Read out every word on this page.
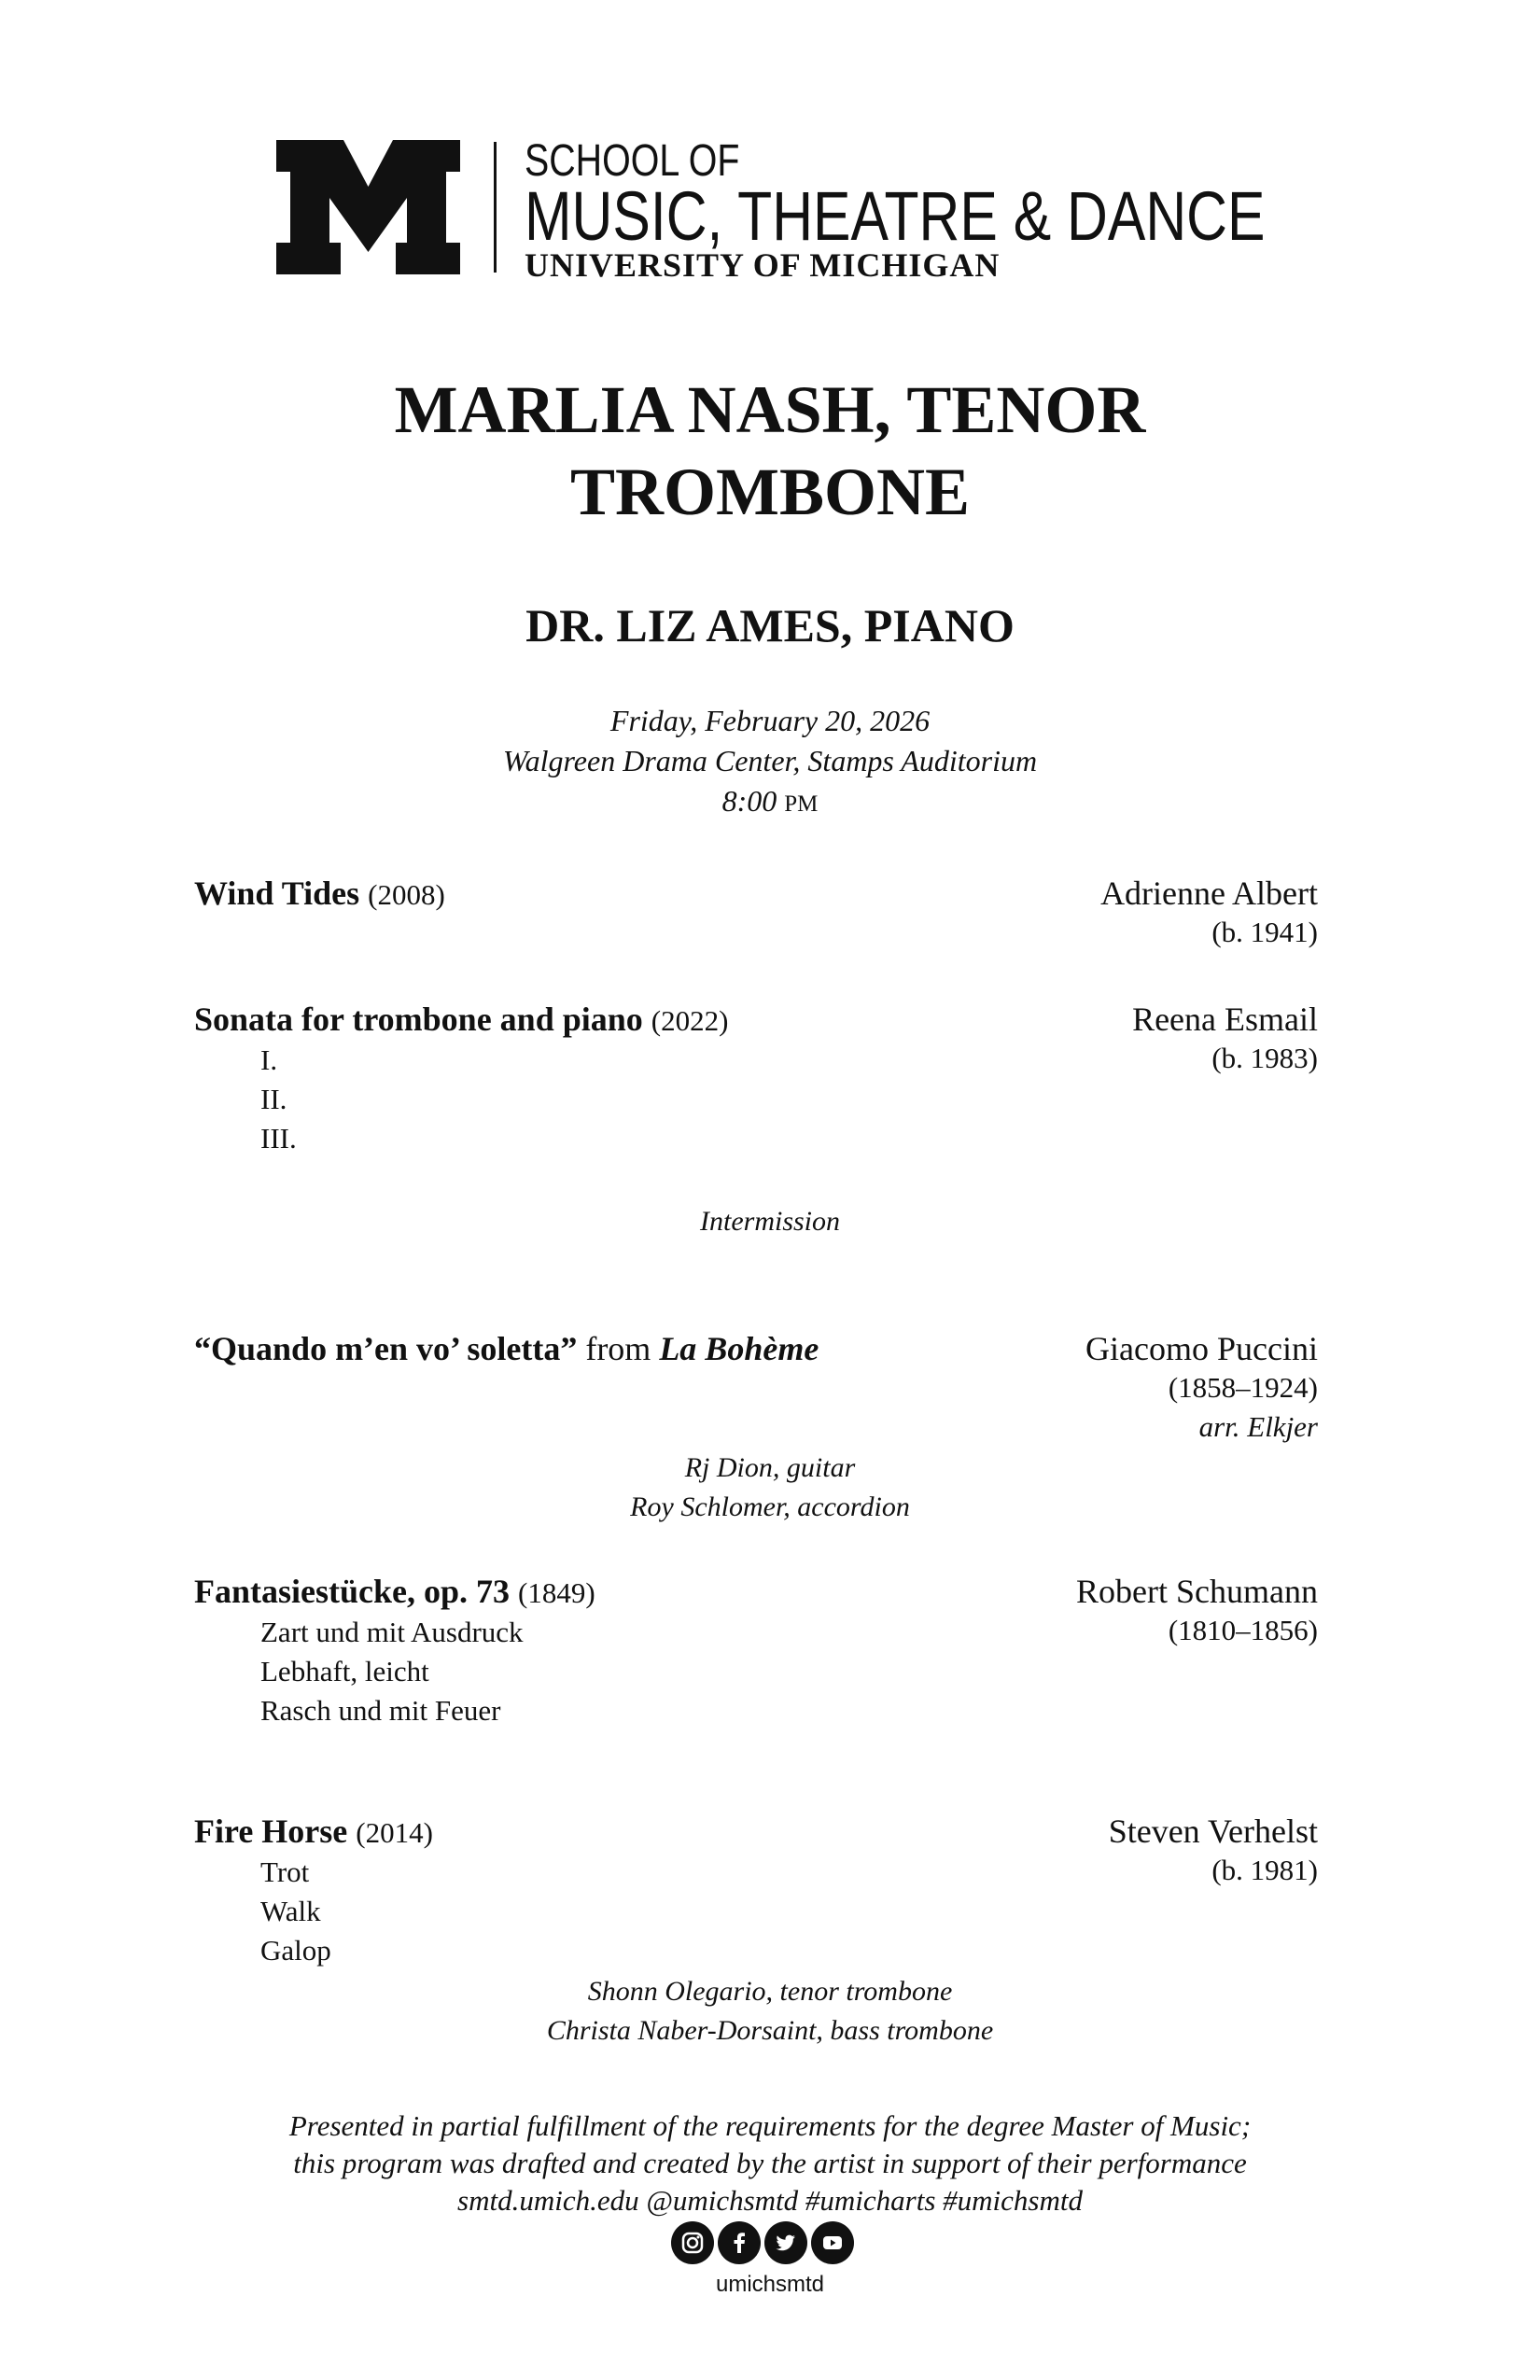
SCHOOL OF
MUSIC, THEATRE & DANCE
UNIVERSITY OF MICHIGAN
MARLIA NASH, TENOR
TROMBONE
DR. LIZ AMES, PIANO
Friday, February 20, 2026
Walgreen Drama Center, Stamps Auditorium
8:00 PM
Wind Tides (2008)	Adrienne Albert
(b. 1941)
Sonata for trombone and piano (2022)
I.
II.
III.
Reena Esmail
(b. 1983)
Intermission
“Quando m’en vo’ soletta” from La Bohème	Giacomo Puccini
(1858–1924)
arr. Elkjer
Rj Dion, guitar
Roy Schlomer, accordion
Fantasiestücke, op. 73 (1849)
Zart und mit Ausdruck
Lebhaft, leicht
Rasch und mit Feuer
Robert Schumann
(1810–1856)
Fire Horse (2014)
Trot
Walk
Galop
Steven Verhelst
(b. 1981)
Shonn Olegario, tenor trombone
Christa Naber-Dorsaint, bass trombone
Presented in partial fulfillment of the requirements for the degree Master of Music;
this program was drafted and created by the artist in support of their performance
smtd.umich.edu @umichsmtd #umicharts #umichsmtd
umichsmtd
